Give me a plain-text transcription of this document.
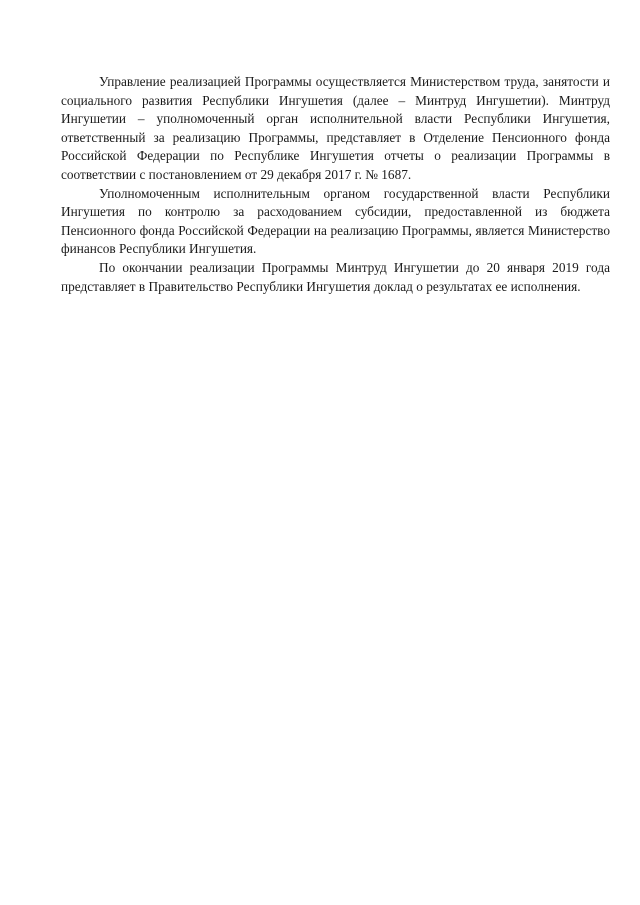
Управление реализацией Программы осуществляется Министерством труда, занятости и социального развития Республики Ингушетия (далее – Минтруд Ингушетии). Минтруд Ингушетии – уполномоченный орган исполнительной власти Республики Ингушетия, ответственный за реализацию Программы, представляет в Отделение Пенсионного фонда Российской Федерации по Республике Ингушетия отчеты о реализации Программы в соответствии с постановлением от 29 декабря 2017 г. № 1687.

Уполномоченным исполнительным органом государственной власти Республики Ингушетия по контролю за расходованием субсидии, предоставленной из бюджета Пенсионного фонда Российской Федерации на реализацию Программы, является Министерство финансов Республики Ингушетия.

По окончании реализации Программы Минтруд Ингушетии до 20 января 2019 года представляет в Правительство Республики Ингушетия доклад о результатах ее исполнения.
